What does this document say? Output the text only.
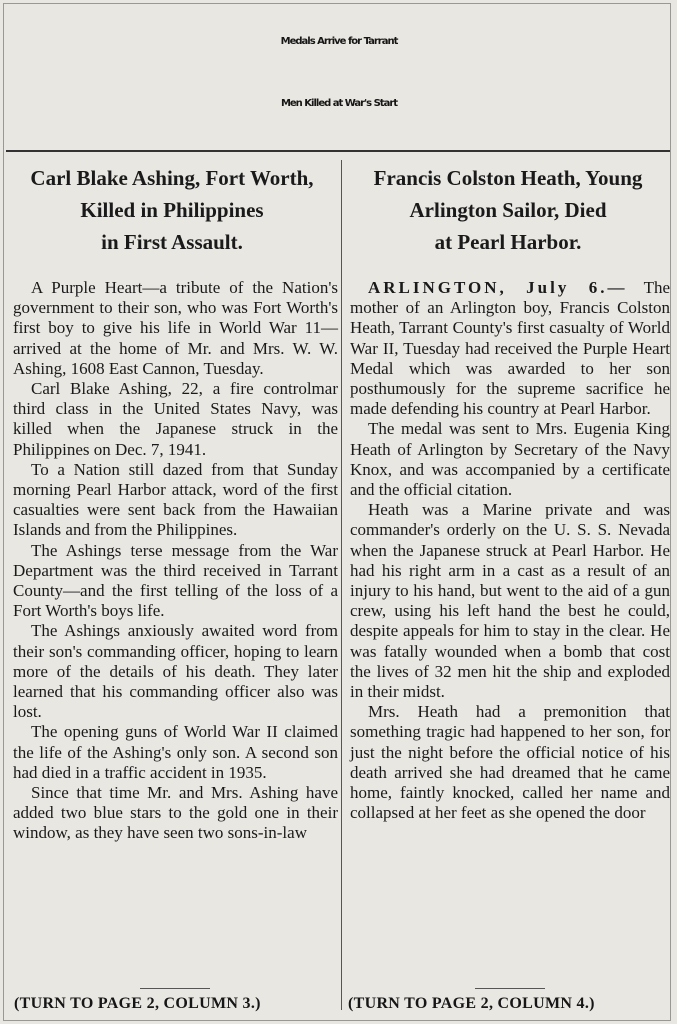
Medals Arrive for Tarrant
Men Killed at War's Start
Carl Blake Ashing, Fort Worth,
Killed in Philippines
in First Assault.
Francis Colston Heath, Young
Arlington Sailor, Died
at Pearl Harbor.

A Purple Heart—a tribute of the Nation's government to their son, who was Fort Worth's first boy to give his life in World War 11—arrived at the home of Mr. and Mrs. W. W. Ashing, 1608 East Cannon, Tuesday.

Carl Blake Ashing, 22, a fire controlmar third class in the United States Navy, was killed when the Japanese struck in the Philippines on Dec. 7, 1941.

To a Nation still dazed from that Sunday morning Pearl Harbor attack, word of the first casualties were sent back from the Hawaiian Islands and from the Philippines.

The Ashings terse message from the War Department was the third received in Tarrant County—and the first telling of the loss of a Fort Worth's boys life.

The Ashings anxiously awaited word from their son's commanding officer, hoping to learn more of the details of his death. They later learned that his commanding officer also was lost.

The opening guns of World War II claimed the life of the Ashing's only son. A second son had died in a traffic accident in 1935.

Since that time Mr. and Mrs. Ashing have added two blue stars to the gold one in their window, as they have seen two sons-in-law

ARLINGTON, July 6.— The mother of an Arlington boy, Francis Colston Heath, Tarrant County's first casualty of World War II, Tuesday had received the Purple Heart Medal which was awarded to her son posthumously for the supreme sacrifice he made defending his country at Pearl Harbor.

The medal was sent to Mrs. Eugenia King Heath of Arlington by Secretary of the Navy Knox, and was accompanied by a certificate and the official citation.

Heath was a Marine private and was commander's orderly on the U. S. S. Nevada when the Japanese struck at Pearl Harbor. He had his right arm in a cast as a result of an injury to his hand, but went to the aid of a gun crew, using his left hand the best he could, despite appeals for him to stay in the clear. He was fatally wounded when a bomb that cost the lives of 32 men hit the ship and exploded in their midst.

Mrs. Heath had a premonition that something tragic had happened to her son, for just the night before the official notice of his death arrived she had dreamed that he came home, faintly knocked, called her name and collapsed at her feet as she opened the door

(TURN TO PAGE 2, COLUMN 3.)	(TURN TO PAGE 2, COLUMN 4.)
